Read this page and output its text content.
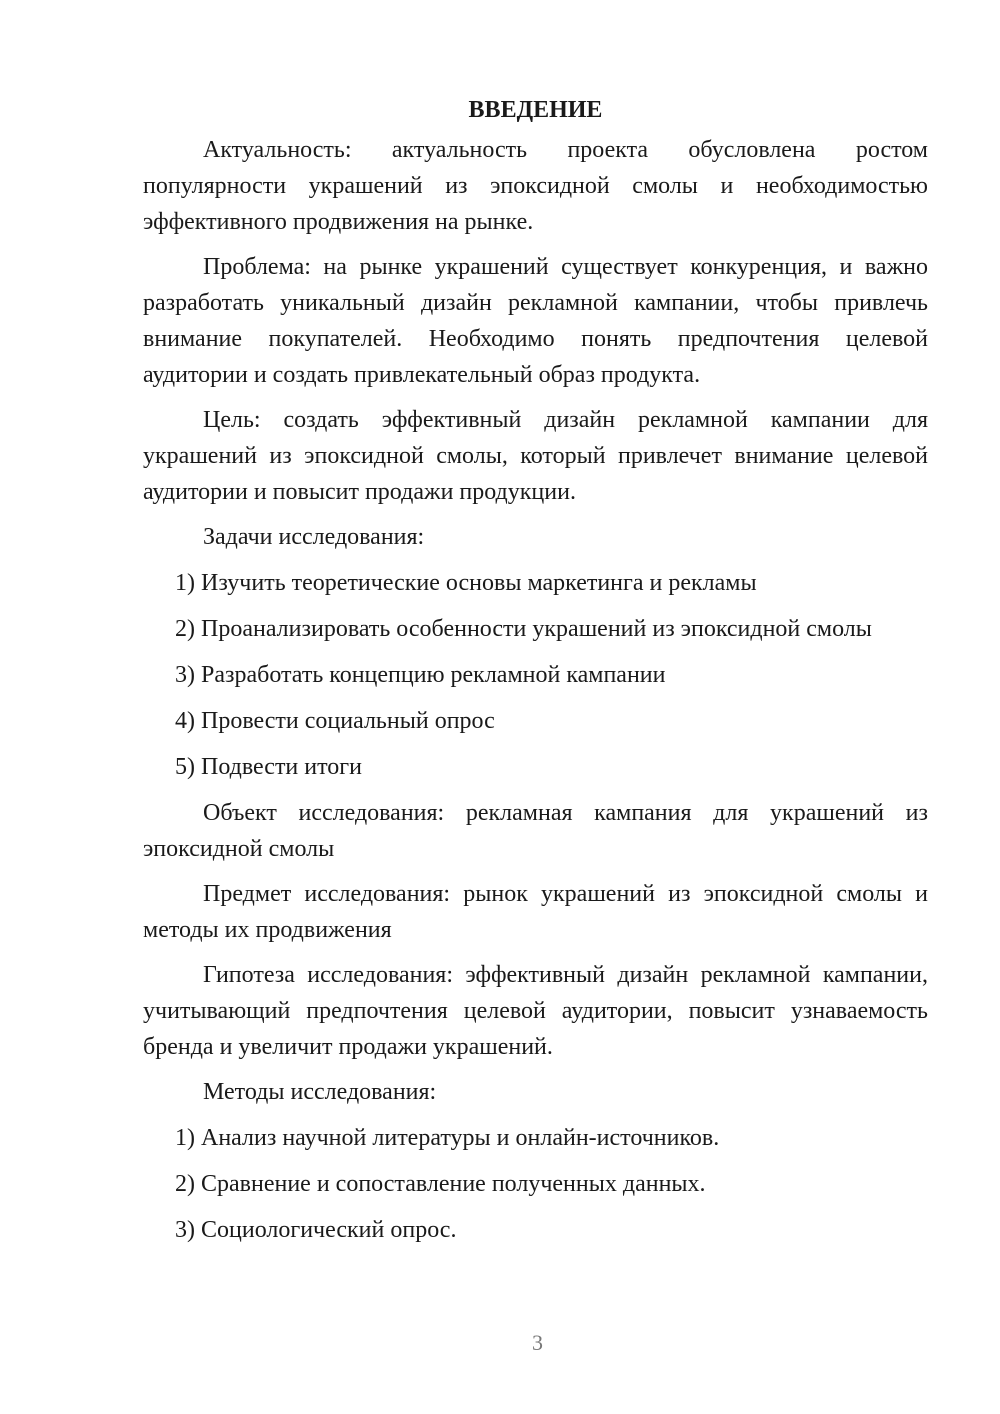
ВВЕДЕНИЕ

Актуальность: актуальность проекта обусловлена ростом популярности украшений из эпоксидной смолы и необходимостью эффективного продвижения на рынке.

Проблема: на рынке украшений существует конкуренция, и важно разработать уникальный дизайн рекламной кампании, чтобы привлечь внимание покупателей. Необходимо понять предпочтения целевой аудитории и создать привлекательный образ продукта.

Цель: создать эффективный дизайн рекламной кампании для украшений из эпоксидной смолы, который привлечет внимание целевой аудитории и повысит продажи продукции.

Задачи исследования:

1) Изучить теоретические основы маркетинга и рекламы
2) Проанализировать особенности украшений из эпоксидной смолы
3) Разработать концепцию рекламной кампании
4) Провести социальный опрос
5) Подвести итоги

Объект исследования: рекламная кампания для украшений из эпоксидной смолы

Предмет исследования: рынок украшений из эпоксидной смолы и методы их продвижения

Гипотеза исследования: эффективный дизайн рекламной кампании, учитывающий предпочтения целевой аудитории, повысит узнаваемость бренда и увеличит продажи украшений.

Методы исследования:

1) Анализ научной литературы и онлайн-источников.
2) Сравнение и сопоставление полученных данных.
3) Социологический опрос.
3
